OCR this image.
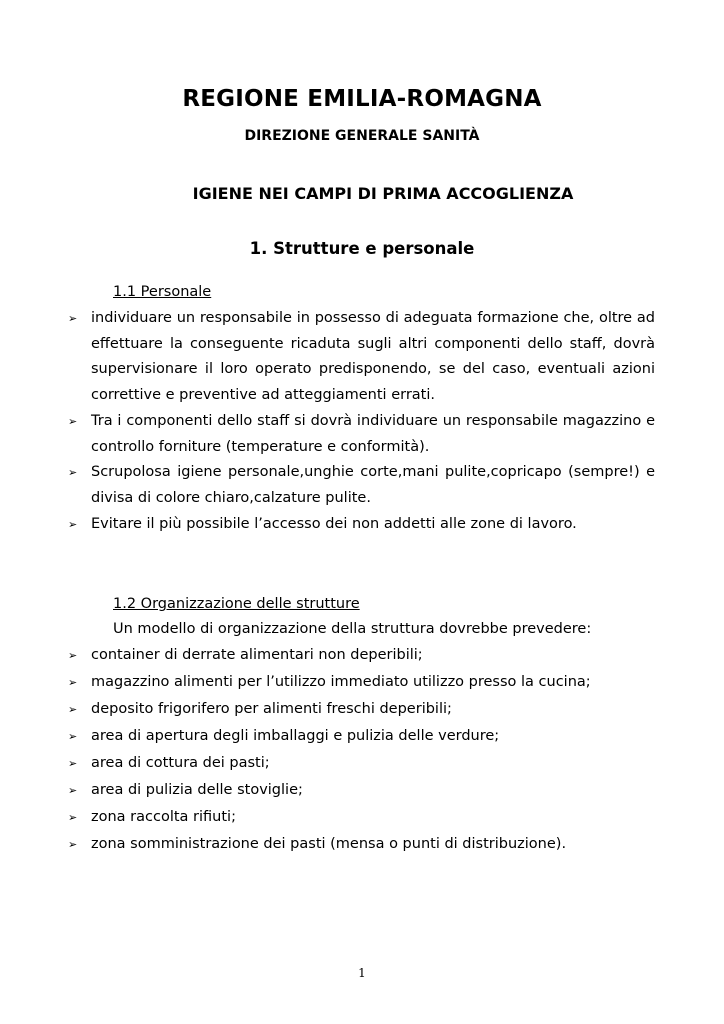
REGIONE EMILIA-ROMAGNA
DIREZIONE GENERALE SANITÀ
IGIENE NEI CAMPI DI PRIMA ACCOGLIENZA
1. Strutture e personale
1.1 Personale
➢ individuare un responsabile in possesso di adeguata formazione che, oltre ad effettuare la conseguente ricaduta sugli altri componenti dello staff, dovrà supervisionare il loro operato predisponendo, se del caso, eventuali azioni correttive e preventive ad atteggiamenti errati.
➢ Tra i componenti dello staff si dovrà individuare un responsabile magazzino e controllo forniture (temperature e conformità).
➢ Scrupolosa igiene personale,unghie corte,mani pulite,copricapo (sempre!) e divisa di colore chiaro,calzature pulite.
➢ Evitare il più possibile l’accesso dei non addetti alle zone di lavoro.
1.2 Organizzazione delle strutture
Un modello di organizzazione della struttura dovrebbe prevedere:
➢ container di derrate alimentari non deperibili;
➢ magazzino alimenti per l’utilizzo immediato utilizzo presso la cucina;
➢ deposito frigorifero per alimenti freschi deperibili;
➢ area di apertura degli imballaggi e pulizia delle verdure;
➢ area di cottura dei pasti;
➢ area di pulizia delle stoviglie;
➢ zona raccolta rifiuti;
➢ zona somministrazione dei pasti (mensa o punti di distribuzione).
1
